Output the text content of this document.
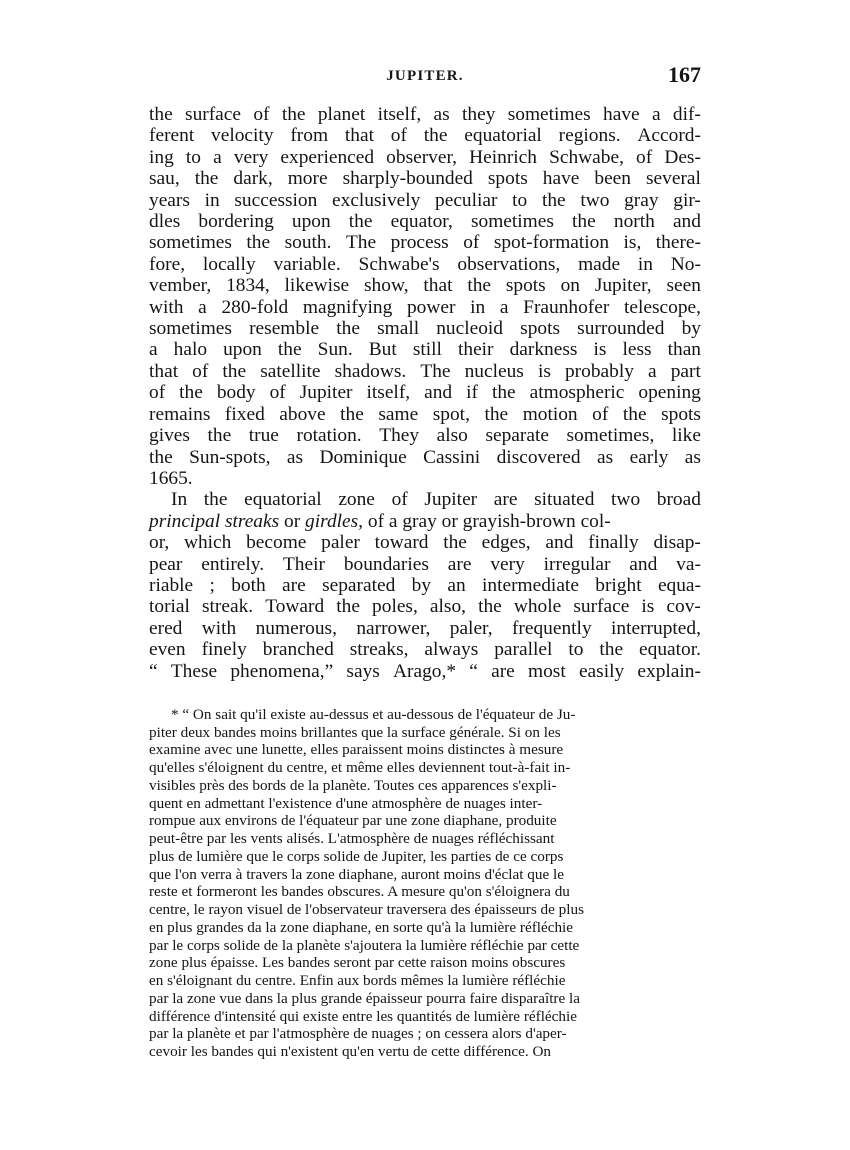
JUPITER.	167

the surface of the planet itself, as they sometimes have a dif-
ferent velocity from that of the equatorial regions. Accord-
ing to a very experienced observer, Heinrich Schwabe, of Des-
sau, the dark, more sharply-bounded spots have been several
years in succession exclusively peculiar to the two gray gir-
dles bordering upon the equator, sometimes the north and
sometimes the south. The process of spot-formation is, there-
fore, locally variable. Schwabe's observations, made in No-
vember, 1834, likewise show, that the spots on Jupiter, seen
with a 280-fold magnifying power in a Fraunhofer telescope,
sometimes resemble the small nucleoid spots surrounded by
a halo upon the Sun. But still their darkness is less than
that of the satellite shadows. The nucleus is probably a part
of the body of Jupiter itself, and if the atmospheric opening
remains fixed above the same spot, the motion of the spots
gives the true rotation. They also separate sometimes, like
the Sun-spots, as Dominique Cassini discovered as early as
1665.

In the equatorial zone of Jupiter are situated two broad
principal streaks or girdles, of a gray or grayish-brown col-
or, which become paler toward the edges, and finally disap-
pear entirely. Their boundaries are very irregular and va-
riable ; both are separated by an intermediate bright equa-
torial streak. Toward the poles, also, the whole surface is cov-
ered with numerous, narrower, paler, frequently interrupted,
even finely branched streaks, always parallel to the equator.
“ These phenomena,” says Arago,* “ are most easily explain-

* “ On sait qu'il existe au-dessus et au-dessous de l'équateur de Ju-
piter deux bandes moins brillantes que la surface générale. Si on les
examine avec une lunette, elles paraissent moins distinctes à mesure
qu'elles s'éloignent du centre, et même elles deviennent tout-à-fait in-
visibles près des bords de la planète. Toutes ces apparences s'expli-
quent en admettant l'existence d'une atmosphère de nuages inter-
rompue aux environs de l'équateur par une zone diaphane, produite
peut-être par les vents alisés. L'atmosphère de nuages réfléchissant
plus de lumière que le corps solide de Jupiter, les parties de ce corps
que l'on verra à travers la zone diaphane, auront moins d'éclat que le
reste et formeront les bandes obscures. A mesure qu'on s'éloignera du
centre, le rayon visuel de l'observateur traversera des épaisseurs de plus
en plus grandes da la zone diaphane, en sorte qu'à la lumière réfléchie
par le corps solide de la planète s'ajoutera la lumière réfléchie par cette
zone plus épaisse. Les bandes seront par cette raison moins obscures
en s'éloignant du centre. Enfin aux bords mêmes la lumière réfléchie
par la zone vue dans la plus grande épaisseur pourra faire disparaître la
différence d'intensité qui existe entre les quantités de lumière réfléchie
par la planète et par l'atmosphère de nuages ; on cessera alors d'aper-
cevoir les bandes qui n'existent qu'en vertu de cette différence. On
